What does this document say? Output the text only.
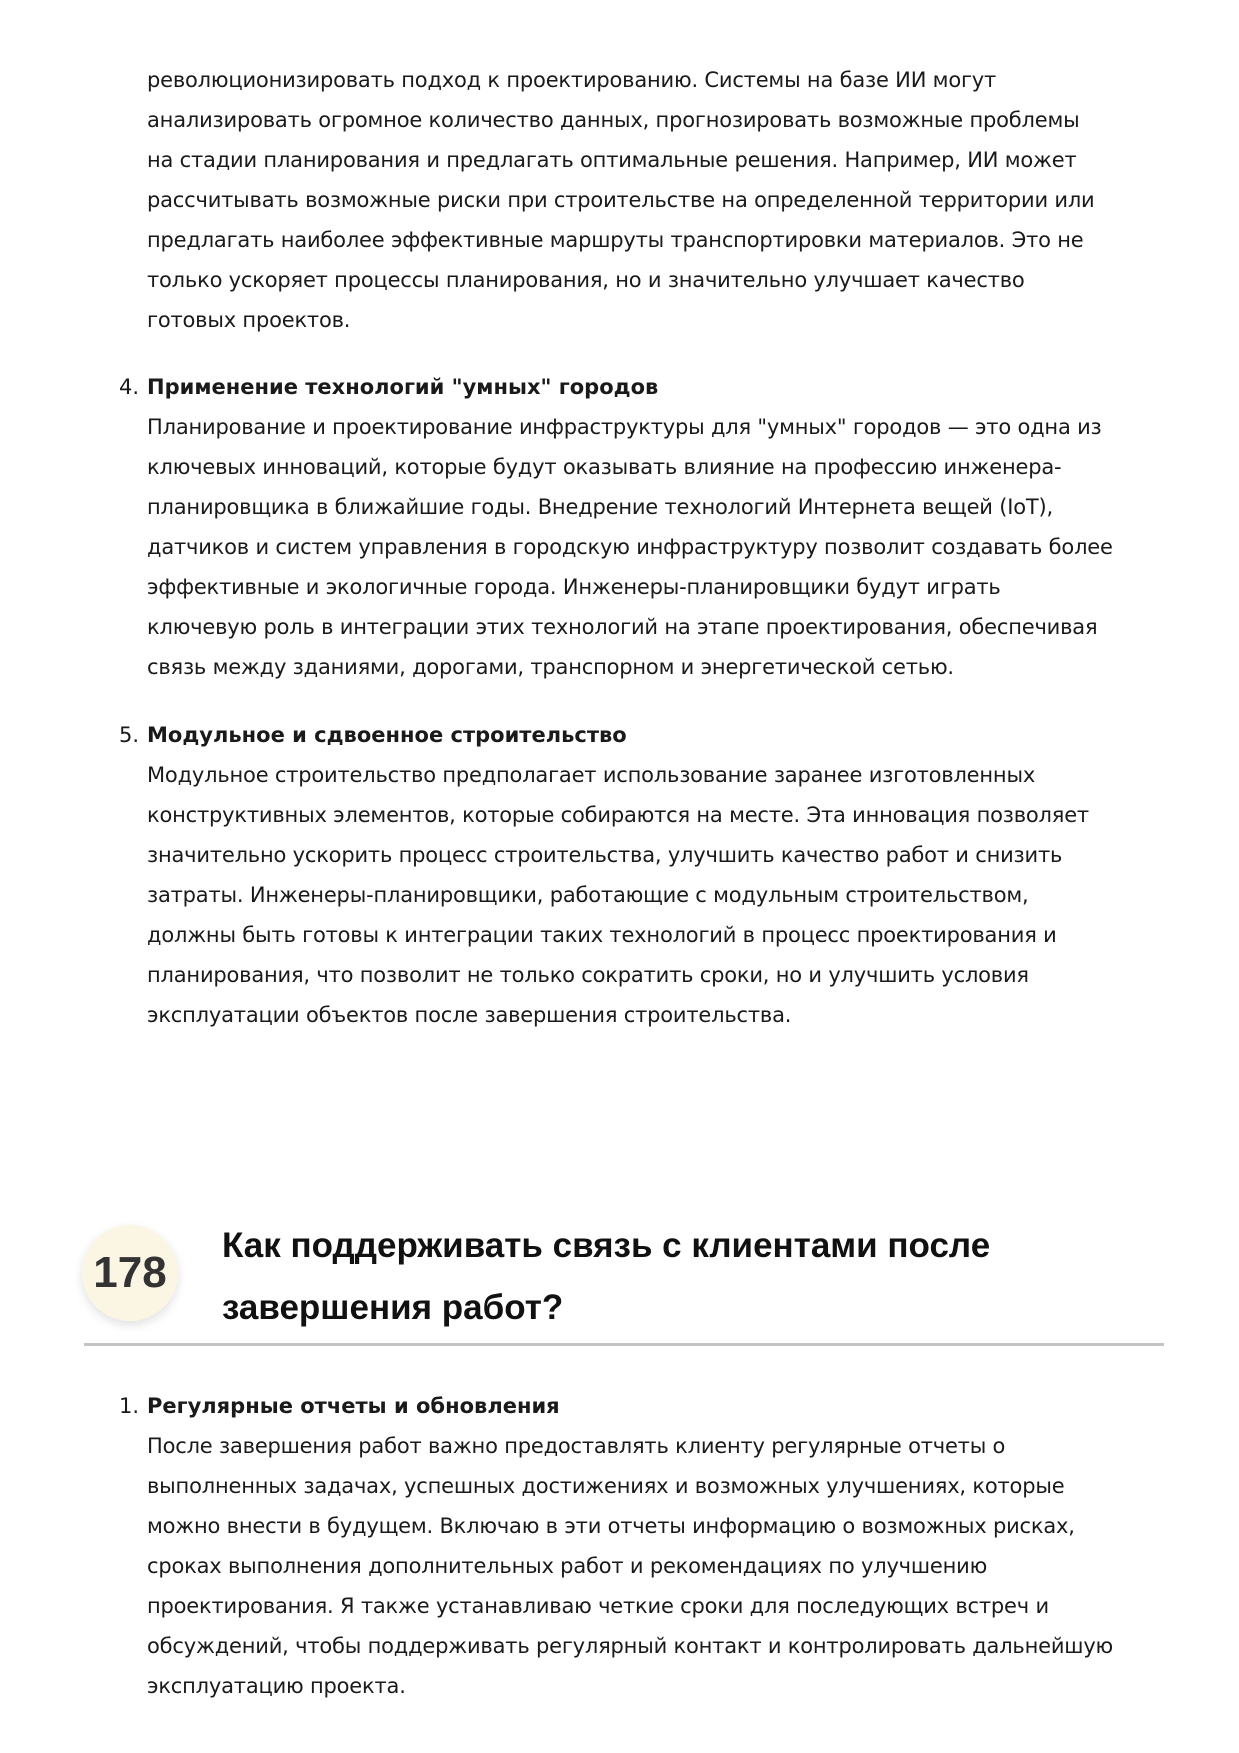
революционизировать подход к проектированию. Системы на базе ИИ могут
анализировать огромное количество данных, прогнозировать возможные проблемы
на стадии планирования и предлагать оптимальные решения. Например, ИИ может
рассчитывать возможные риски при строительстве на определенной территории или
предлагать наиболее эффективные маршруты транспортировки материалов. Это не
только ускоряет процессы планирования, но и значительно улучшает качество
готовых проектов.
4. Применение технологий "умных" городов
Планирование и проектирование инфраструктуры для "умных" городов — это одна из
ключевых инноваций, которые будут оказывать влияние на профессию инженера-
планировщика в ближайшие годы. Внедрение технологий Интернета вещей (IoT),
датчиков и систем управления в городскую инфраструктуру позволит создавать более
эффективные и экологичные города. Инженеры-планировщики будут играть
ключевую роль в интеграции этих технологий на этапе проектирования, обеспечивая
связь между зданиями, дорогами, транспорном и энергетической сетью.
5. Модульное и сдвоенное строительство
Модульное строительство предполагает использование заранее изготовленных
конструктивных элементов, которые собираются на месте. Эта инновация позволяет
значительно ускорить процесс строительства, улучшить качество работ и снизить
затраты. Инженеры-планировщики, работающие с модульным строительством,
должны быть готовы к интеграции таких технологий в процесс проектирования и
планирования, что позволит не только сократить сроки, но и улучшить условия
эксплуатации объектов после завершения строительства.
178
Как поддерживать связь с клиентами после
завершения работ?
1. Регулярные отчеты и обновления
После завершения работ важно предоставлять клиенту регулярные отчеты о
выполненных задачах, успешных достижениях и возможных улучшениях, которые
можно внести в будущем. Включаю в эти отчеты информацию о возможных рисках,
сроках выполнения дополнительных работ и рекомендациях по улучшению
проектирования. Я также устанавливаю четкие сроки для последующих встреч и
обсуждений, чтобы поддерживать регулярный контакт и контролировать дальнейшую
эксплуатацию проекта.
